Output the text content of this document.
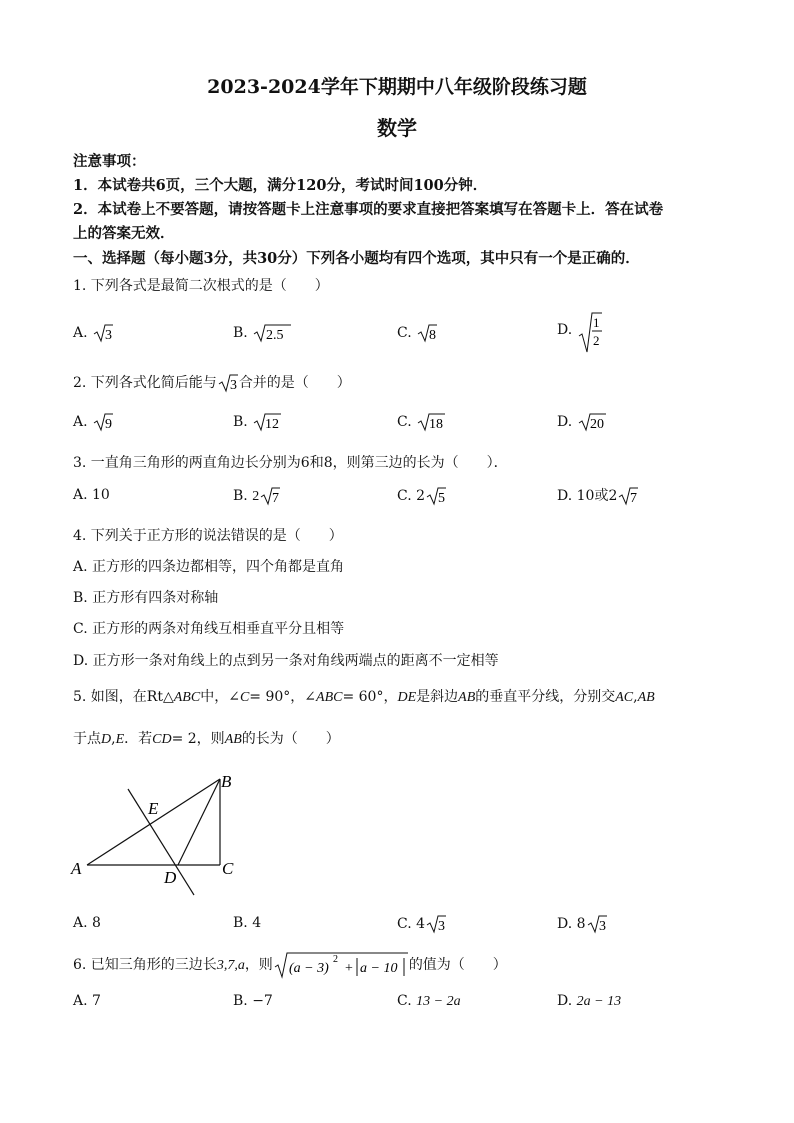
2023-2024学年下期期中八年级阶段练习题
数学
注意事项：
1．本试卷共6页，三个大题，满分120分，考试时间100分钟．
2．本试卷上不要答题，请按答题卡上注意事项的要求直接把答案填写在答题卡上．答在试卷
上的答案无效．
一、选择题（每小题3分，共30分）下列各小题均有四个选项，其中只有一个是正确的．
1. 下列各式是最简二次根式的是（　　）
A. 3	B. 2.5	C. 8	D. 1
2
2. 下列各式化简后能与 3 合并的是（　　）
A. 9	B. 12	C. 18	D. 20
3. 一直角三角形的两直角边长分别为6和8，则第三边的长为（　　）．
A. 10	B. 2 7	C. 2 5	D. 10或2 7
4. 下列关于正方形的说法错误的是（　　）
A. 正方形的四条边都相等，四个角都是直角
B. 正方形有四条对称轴
C. 正方形的两条对角线互相垂直平分且相等
D. 正方形一条对角线上的点到另一条对角线两端点的距离不一定相等
5. 如图，在Rt△ABC中，∠C= 90°，∠ABC= 60°，DE是斜边AB的垂直平分线，分别交AC,AB
于点D,E．若CD= 2，则AB的长为（　　）
A
B
C
D
E
A. 8	B. 4	C. 4 3	D. 8 3
6. 已知三角形的三边长3,7,a，则 (a − 3)
2
+ a − 10 的值为（　　）
A. 7	B. −7	C. 13 − 2a	D. 2a − 13
